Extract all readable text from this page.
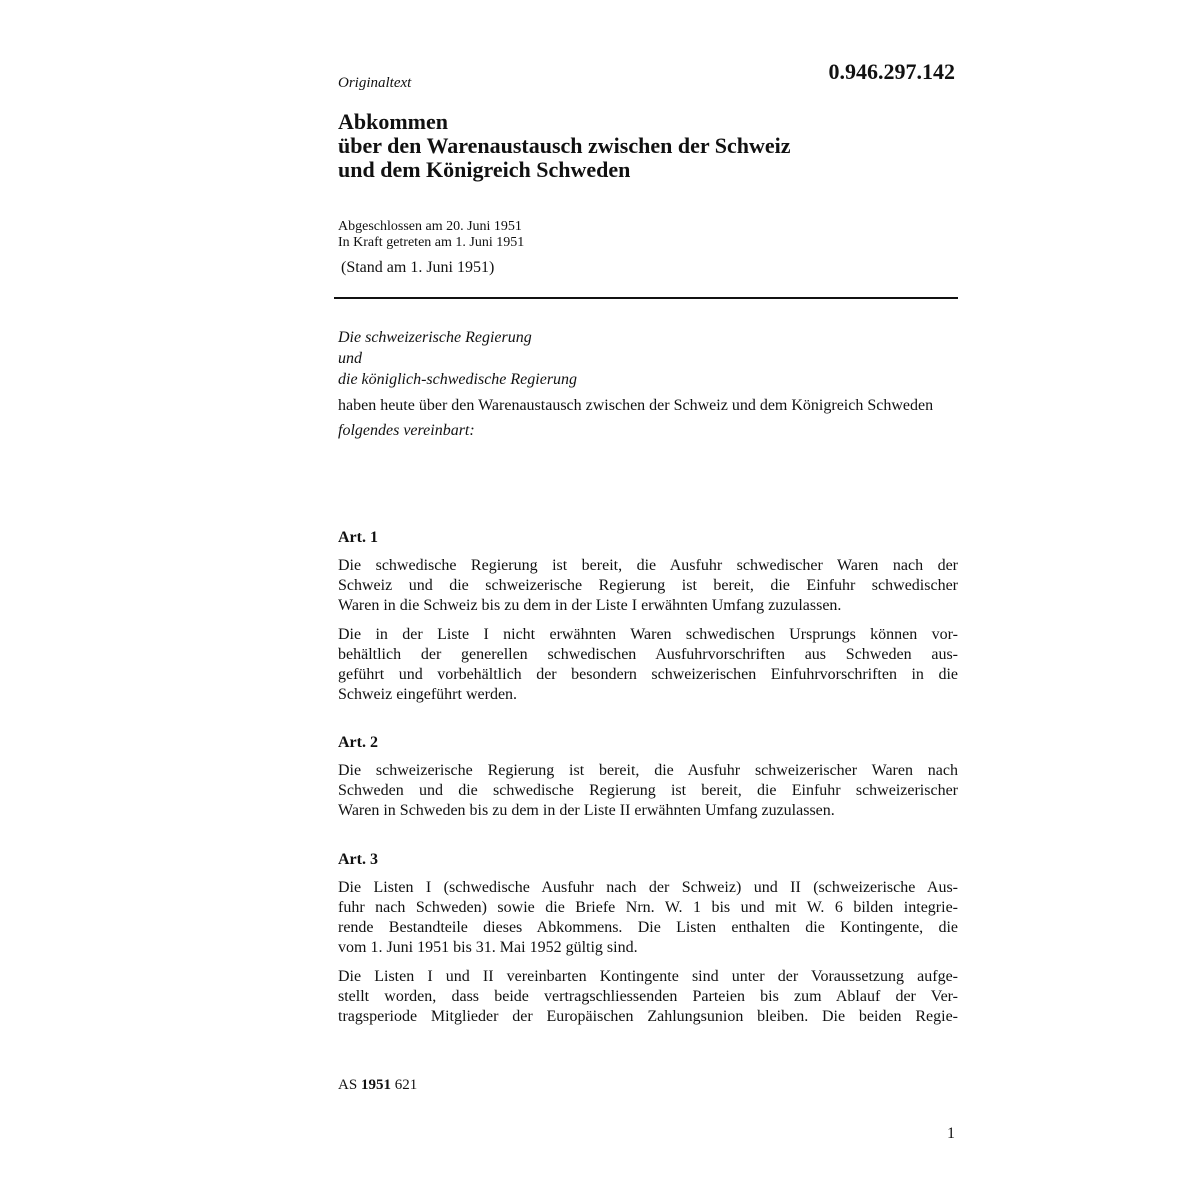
0.946.297.142
Originaltext
Abkommen
über den Warenaustausch zwischen der Schweiz
und dem Königreich Schweden
Abgeschlossen am 20. Juni 1951
In Kraft getreten am 1. Juni 1951
(Stand am 1. Juni 1951)
Die schweizerische Regierung
und
die königlich-schwedische Regierung
haben heute über den Warenaustausch zwischen der Schweiz und dem Königreich Schweden
folgendes vereinbart:
Art. 1
Die schwedische Regierung ist bereit, die Ausfuhr schwedischer Waren nach der
Schweiz und die schweizerische Regierung ist bereit, die Einfuhr schwedischer
Waren in die Schweiz bis zu dem in der Liste I erwähnten Umfang zuzulassen.
Die in der Liste I nicht erwähnten Waren schwedischen Ursprungs können vor-
behältlich der generellen schwedischen Ausfuhrvorschriften aus Schweden aus-
geführt und vorbehältlich der besondern schweizerischen Einfuhrvorschriften in die
Schweiz eingeführt werden.
Art. 2
Die schweizerische Regierung ist bereit, die Ausfuhr schweizerischer Waren nach
Schweden und die schwedische Regierung ist bereit, die Einfuhr schweizerischer
Waren in Schweden bis zu dem in der Liste II erwähnten Umfang zuzulassen.
Art. 3
Die Listen I (schwedische Ausfuhr nach der Schweiz) und II (schweizerische Aus-
fuhr nach Schweden) sowie die Briefe Nrn. W. 1 bis und mit W. 6 bilden integrie-
rende Bestandteile dieses Abkommens. Die Listen enthalten die Kontingente, die
vom 1. Juni 1951 bis 31. Mai 1952 gültig sind.
Die Listen I und II vereinbarten Kontingente sind unter der Voraussetzung aufge-
stellt worden, dass beide vertragschliessenden Parteien bis zum Ablauf der Ver-
tragsperiode Mitglieder der Europäischen Zahlungsunion bleiben. Die beiden Regie-
AS 1951 621
1
